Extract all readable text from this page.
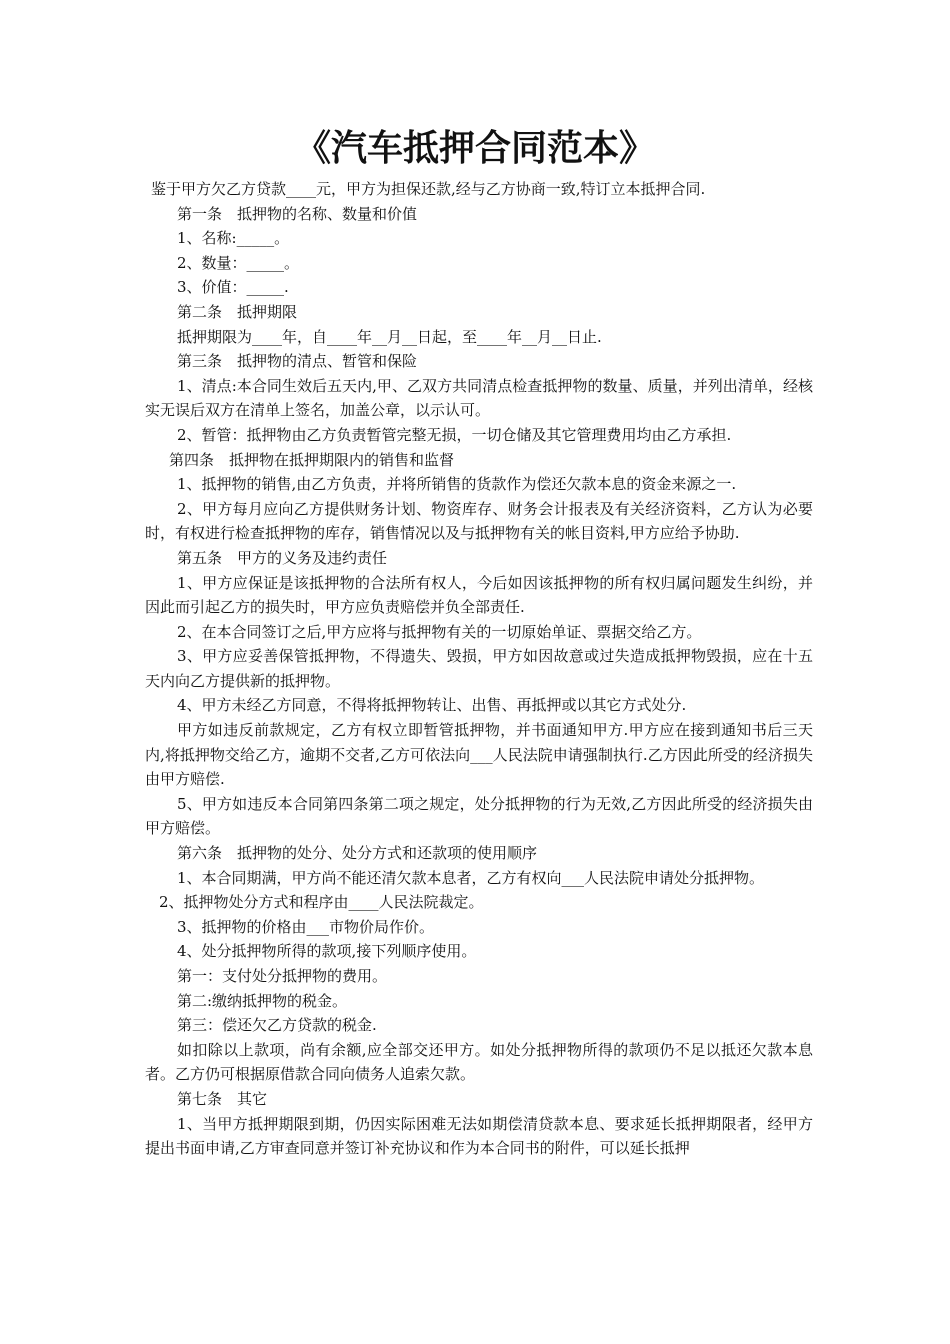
《汽车抵押合同范本》

鉴于甲方欠乙方贷款____元，甲方为担保还款,经与乙方协商一致,特订立本抵押合同.

第一条　抵押物的名称、数量和价值

1、名称:_____。

2、数量：_____。

3、价值：_____.

第二条　抵押期限

抵押期限为____年，自____年__月__日起，至____年__月__日止.

第三条　抵押物的清点、暂管和保险

1、清点:本合同生效后五天内,甲、乙双方共同清点检查抵押物的数量、质量，并列出清单，经核实无误后双方在清单上签名，加盖公章，以示认可。

2、暂管：抵押物由乙方负责暂管完整无损，一切仓储及其它管理费用均由乙方承担.

第四条　抵押物在抵押期限内的销售和监督

1、抵押物的销售,由乙方负责，并将所销售的货款作为偿还欠款本息的资金来源之一.

2、甲方每月应向乙方提供财务计划、物资库存、财务会计报表及有关经济资料，乙方认为必要时，有权进行检查抵押物的库存，销售情况以及与抵押物有关的帐目资料,甲方应给予协助.

第五条　甲方的义务及违约责任

1、甲方应保证是该抵押物的合法所有权人，今后如因该抵押物的所有权归属问题发生纠纷，并因此而引起乙方的损失时，甲方应负责赔偿并负全部责任.

2、在本合同签订之后,甲方应将与抵押物有关的一切原始单证、票据交给乙方。

3、甲方应妥善保管抵押物，不得遗失、毁损，甲方如因故意或过失造成抵押物毁损，应在十五天内向乙方提供新的抵押物。

4、甲方未经乙方同意，不得将抵押物转让、出售、再抵押或以其它方式处分.

甲方如违反前款规定，乙方有权立即暂管抵押物，并书面通知甲方.甲方应在接到通知书后三天内,将抵押物交给乙方，逾期不交者,乙方可依法向___人民法院申请强制执行.乙方因此所受的经济损失由甲方赔偿.

5、甲方如违反本合同第四条第二项之规定，处分抵押物的行为无效,乙方因此所受的经济损失由甲方赔偿。

第六条　抵押物的处分、处分方式和还款项的使用顺序

1、本合同期满，甲方尚不能还清欠款本息者，乙方有权向___人民法院申请处分抵押物。

2、抵押物处分方式和程序由____人民法院裁定。

3、抵押物的价格由___市物价局作价。

4、处分抵押物所得的款项,接下列顺序使用。

第一：支付处分抵押物的费用。

第二:缴纳抵押物的税金。

第三：偿还欠乙方贷款的税金.

如扣除以上款项，尚有余额,应全部交还甲方。如处分抵押物所得的款项仍不足以抵还欠款本息者。乙方仍可根据原借款合同向债务人追索欠款。

第七条　其它

1、当甲方抵押期限到期，仍因实际困难无法如期偿清贷款本息、要求延长抵押期限者，经甲方提出书面申请,乙方审查同意并签订补充协议和作为本合同书的附件，可以延长抵押
